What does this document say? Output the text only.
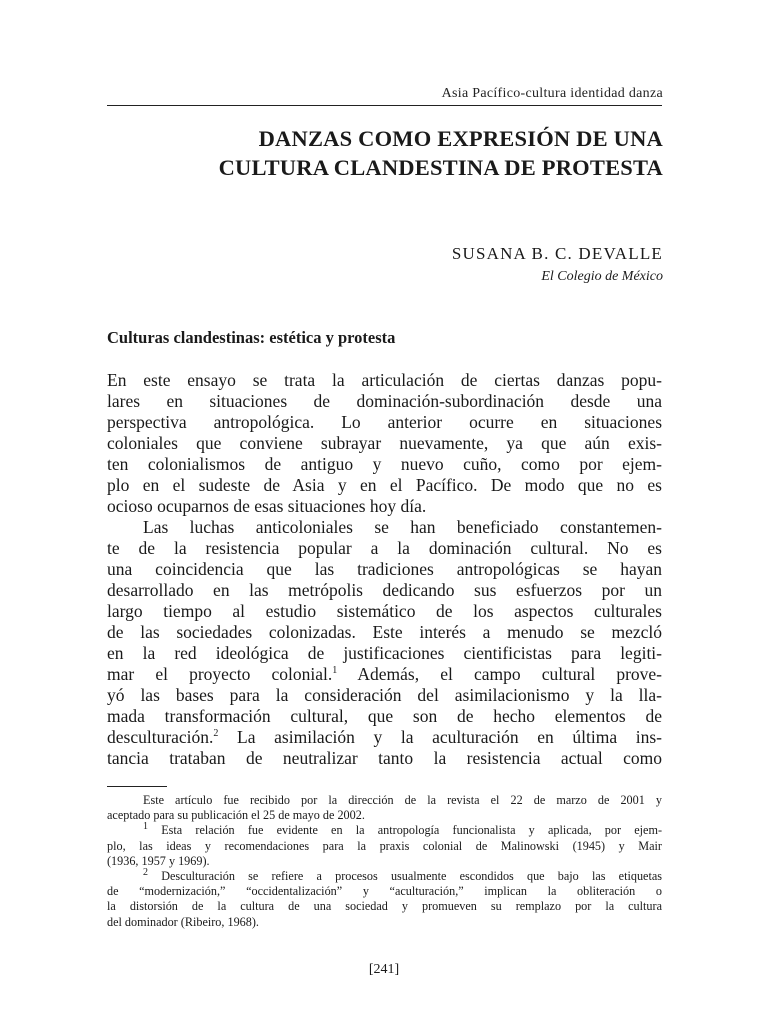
Asia Pacífico-cultura identidad danza
DANZAS COMO EXPRESIÓN DE UNA
CULTURA CLANDESTINA DE PROTESTA
SUSANA B. C. DEVALLE
El Colegio de México
Culturas clandestinas: estética y protesta
En este ensayo se trata la articulación de ciertas danzas popu-
lares en situaciones de dominación-subordinación desde una
perspectiva antropológica. Lo anterior ocurre en situaciones
coloniales que conviene subrayar nuevamente, ya que aún exis-
ten colonialismos de antiguo y nuevo cuño, como por ejem-
plo en el sudeste de Asia y en el Pacífico. De modo que no es
ocioso ocuparnos de esas situaciones hoy día.
Las luchas anticoloniales se han beneficiado constantemen-
te de la resistencia popular a la dominación cultural. No es
una coincidencia que las tradiciones antropológicas se hayan
desarrollado en las metrópolis dedicando sus esfuerzos por un
largo tiempo al estudio sistemático de los aspectos culturales
de las sociedades colonizadas. Este interés a menudo se mezcló
en la red ideológica de justificaciones cientificistas para legiti-
mar el proyecto colonial.$^1$ Además, el campo cultural prove-
yó las bases para la consideración del asimilacionismo y la lla-
mada transformación cultural, que son de hecho elementos de
desculturación.$^2$ La asimilación y la aculturación en última ins-
tancia trataban de neutralizar tanto la resistencia actual como
Este artículo fue recibido por la dirección de la revista el 22 de marzo de 2001 y
aceptado para su publicación el 25 de mayo de 2002.
$^1$ Esta relación fue evidente en la antropología funcionalista y aplicada, por ejem-
plo, las ideas y recomendaciones para la praxis colonial de Malinowski (1945) y Mair
(1936, 1957 y 1969).
$^2$ Desculturación se refiere a procesos usualmente escondidos que bajo las etiquetas
de “modernización,” “occidentalización” y “aculturación,” implican la obliteración o
la distorsión de la cultura de una sociedad y promueven su remplazo por la cultura
del dominador (Ribeiro, 1968).
[241]
